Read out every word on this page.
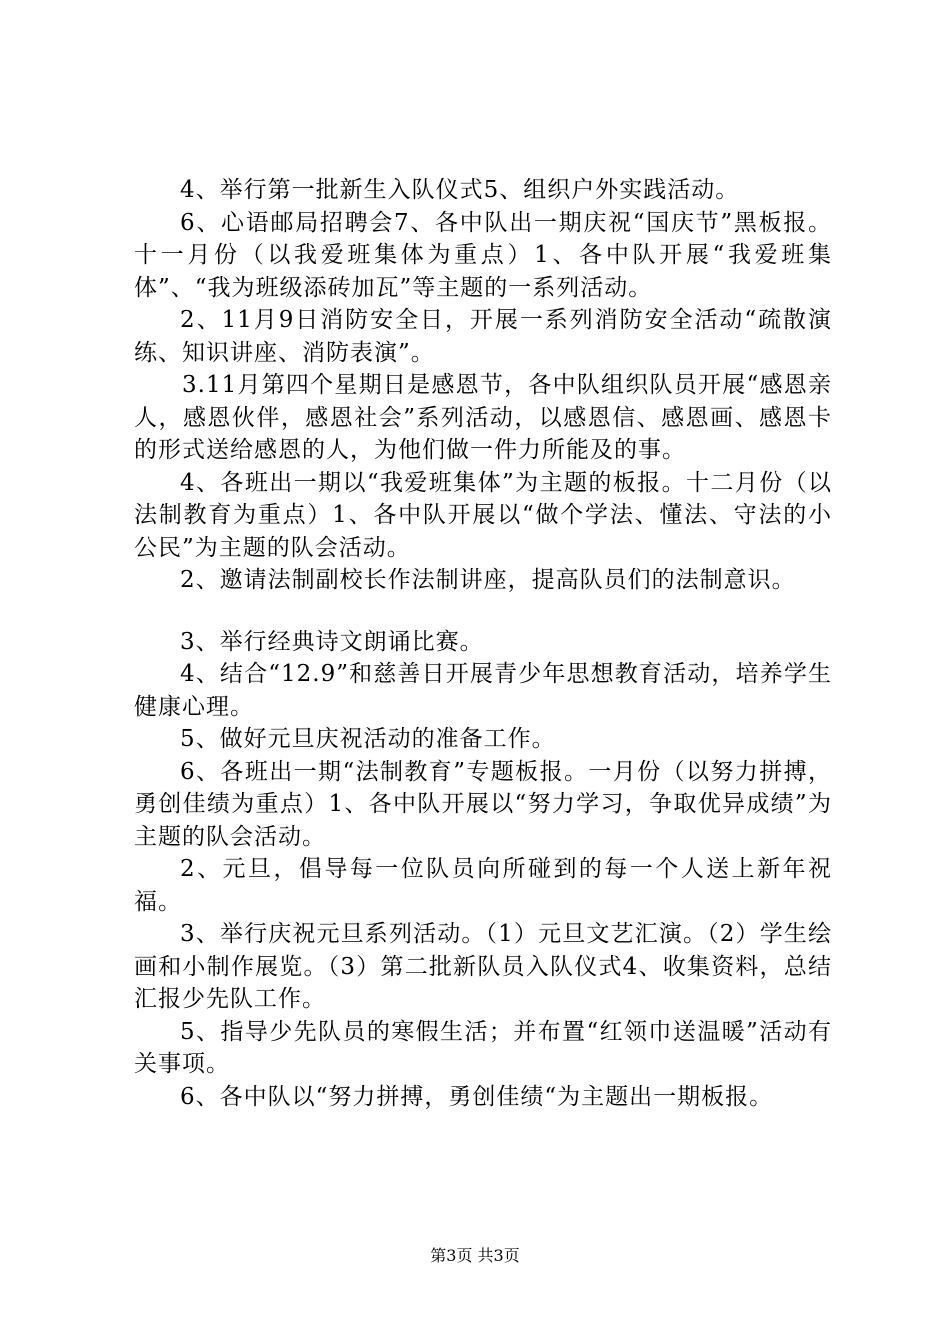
4、举行第一批新生入队仪式5、组织户外实践活动。

6、心语邮局招聘会7、各中队出一期庆祝“国庆节”黑板报。十一月份（以我爱班集体为重点）1、各中队开展“我爱班集体”、“我为班级添砖加瓦”等主题的一系列活动。

2、11月9日消防安全日，开展一系列消防安全活动“疏散演练、知识讲座、消防表演”。

3.11月第四个星期日是感恩节，各中队组织队员开展“感恩亲人，感恩伙伴，感恩社会”系列活动，以感恩信、感恩画、感恩卡的形式送给感恩的人，为他们做一件力所能及的事。

4、各班出一期以“我爱班集体”为主题的板报。十二月份（以法制教育为重点）1、各中队开展以“做个学法、懂法、守法的小公民”为主题的队会活动。

2、邀请法制副校长作法制讲座，提高队员们的法制意识。

3、举行经典诗文朗诵比赛。

4、结合“12.9”和慈善日开展青少年思想教育活动，培养学生健康心理。

5、做好元旦庆祝活动的准备工作。

6、各班出一期“法制教育”专题板报。一月份（以努力拼搏，勇创佳绩为重点）1、各中队开展以“努力学习，争取优异成绩”为主题的队会活动。

2、元旦，倡导每一位队员向所碰到的每一个人送上新年祝福。

3、举行庆祝元旦系列活动。（1）元旦文艺汇演。（2）学生绘画和小制作展览。（3）第二批新队员入队仪式4、收集资料，总结汇报少先队工作。

5、指导少先队员的寒假生活；并布置“红领巾送温暖”活动有关事项。

6、各中队以“努力拼搏，勇创佳绩“为主题出一期板报。

第3页 共3页
